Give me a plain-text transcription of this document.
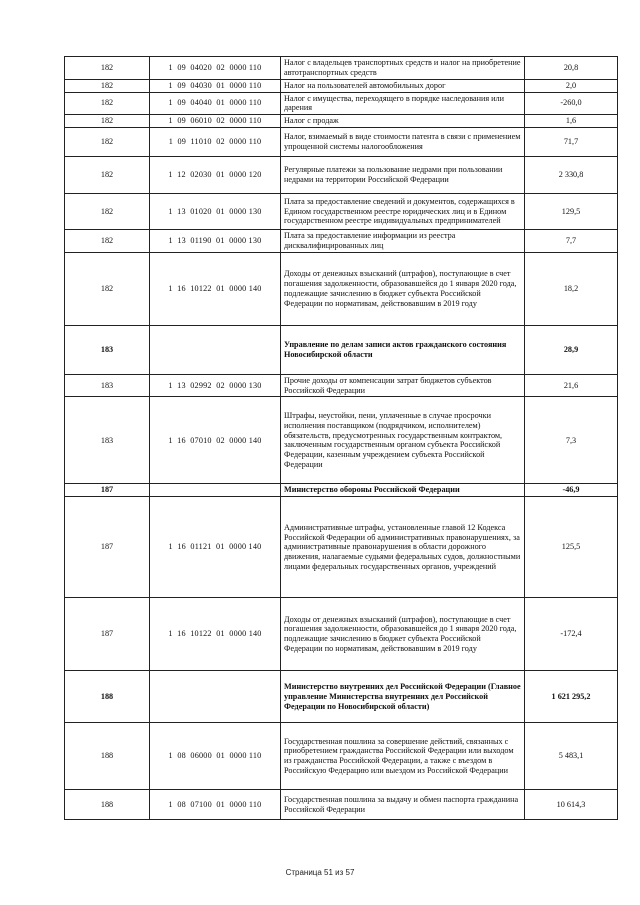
182	1  09  04020  02  0000 110	Налог с владельцев транспортных средств и налог на приобретение автотранспортных средств	20,8
182	1  09  04030  01  0000 110	Налог на пользователей автомобильных дорог	2,0
182	1  09  04040  01  0000 110	Налог с имущества, переходящего в порядке наследования или дарения	-260,0
182	1  09  06010  02  0000 110	Налог с продаж	1,6
182	1  09  11010  02  0000 110	Налог, взимаемый в виде стоимости патента в связи с применением упрощенной системы налогообложения	71,7
182	1  12  02030  01  0000 120	Регулярные платежи за пользование недрами при пользовании недрами на территории Российской Федерации	2 330,8
182	1  13  01020  01  0000 130	Плата за предоставление сведений и документов, содержащихся в Едином государственном реестре юридических лиц и в Едином государственном реестре индивидуальных предпринимателей	129,5
182	1  13  01190  01  0000 130	Плата за предоставление информации из реестра дисквалифицированных лиц	7,7
182	1  16  10122  01  0000 140	Доходы от денежных взысканий (штрафов), поступающие в счет погашения задолженности, образовавшейся до 1 января 2020 года, подлежащие зачислению в бюджет субъекта Российской Федерации по нормативам, действовавшим в 2019 году	18,2
183		Управление по делам записи актов гражданского состояния Новосибирской области	28,9
183	1  13  02992  02  0000 130	Прочие доходы от компенсации затрат бюджетов субъектов Российской Федерации	21,6
183	1  16  07010  02  0000 140	Штрафы, неустойки, пени, уплаченные в случае просрочки исполнения поставщиком (подрядчиком, исполнителем) обязательств, предусмотренных государственным контрактом, заключенным государственным органом субъекта Российской Федерации, казенным учреждением субъекта Российской Федерации	7,3
187		Министерство обороны Российской Федерации	-46,9
187	1  16  01121  01  0000 140	Административные штрафы, установленные главой 12 Кодекса Российской Федерации об административных правонарушениях, за административные правонарушения в области дорожного движения, налагаемые судьями федеральных судов, должностными лицами федеральных государственных органов, учреждений	125,5
187	1  16  10122  01  0000 140	Доходы от денежных взысканий (штрафов), поступающие в счет погашения задолженности, образовавшейся до 1 января 2020 года, подлежащие зачислению в бюджет субъекта Российской Федерации по нормативам, действовавшим в 2019 году	-172,4
188		Министерство внутренних дел Российской Федерации (Главное управление Министерства внутренних дел Российской Федерации по Новосибирской области)	1 621 295,2
188	1  08  06000  01  0000 110	Государственная пошлина за совершение действий, связанных с приобретением гражданства Российской Федерации или выходом из гражданства Российской Федерации, а также с въездом в Российскую Федерацию или выездом из Российской Федерации	5 483,1
188	1  08  07100  01  0000 110	Государственная пошлина за выдачу и обмен паспорта гражданина Российской Федерации	10 614,3
Страница 51 из 57
